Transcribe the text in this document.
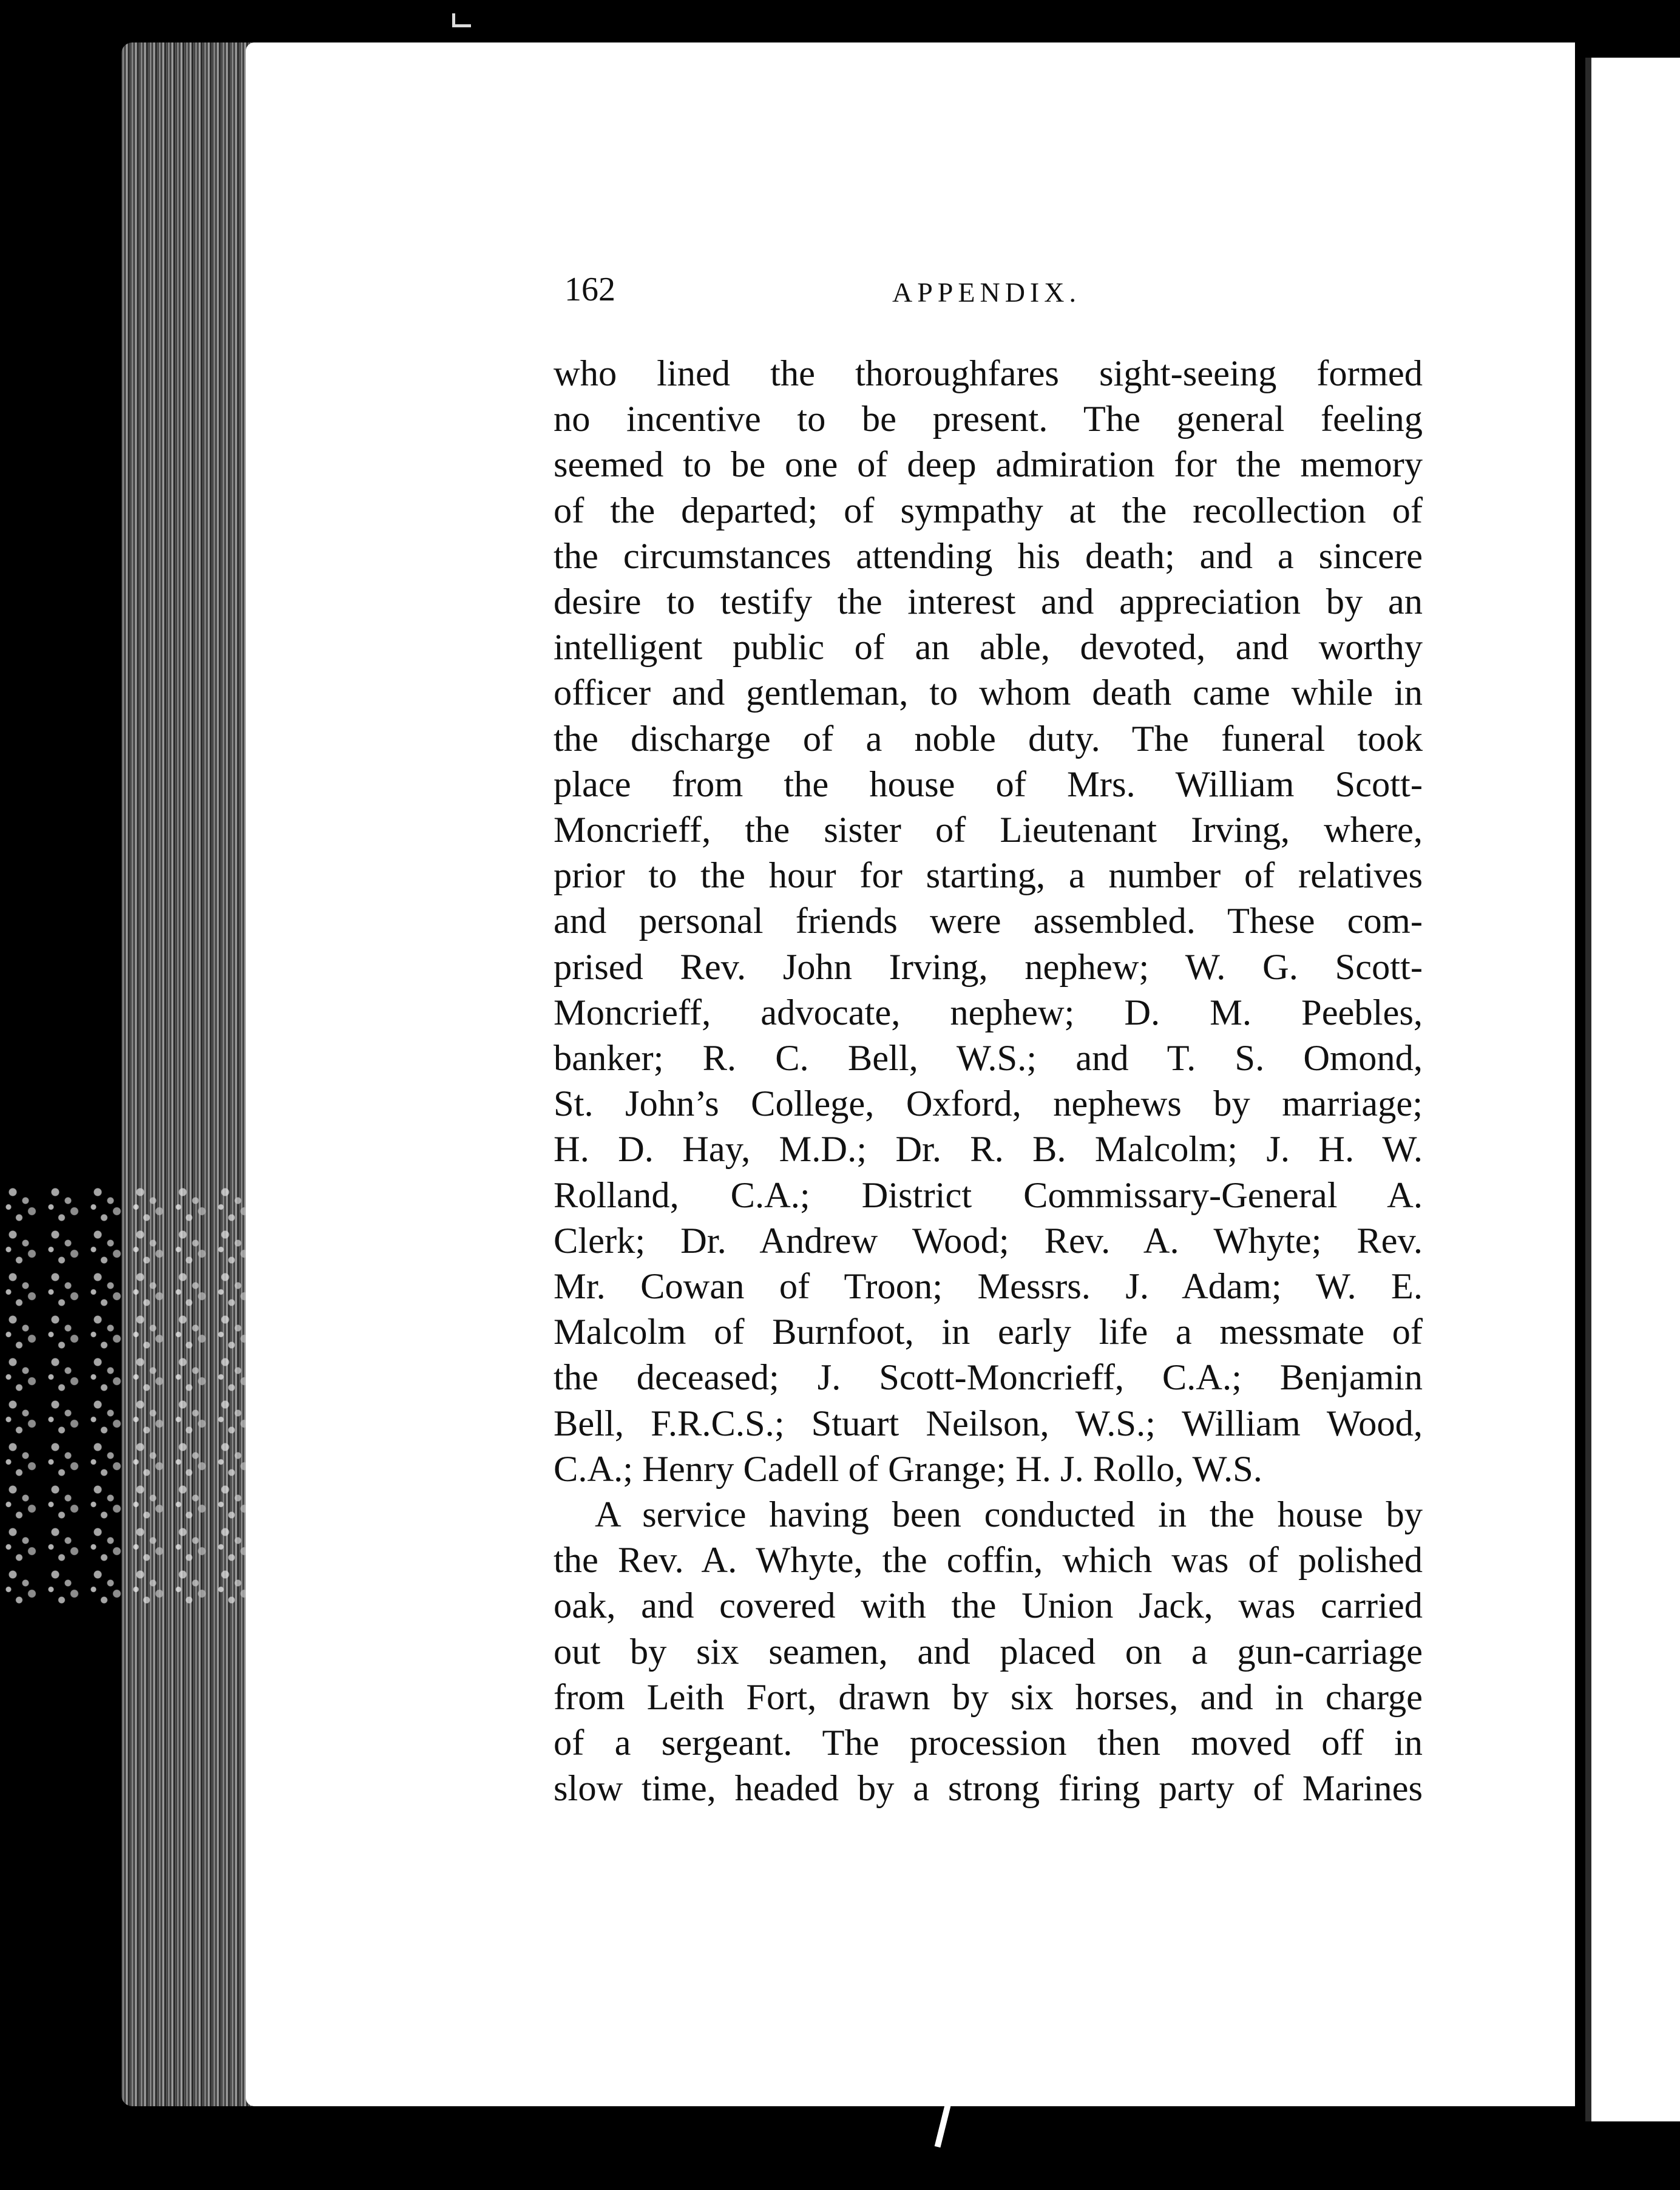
162	APPENDIX.

who lined the thoroughfares sight-seeing formed
no incentive to be present. The general feeling
seemed to be one of deep admiration for the memory
of the departed; of sympathy at the recollection of
the circumstances attending his death; and a sincere
desire to testify the interest and appreciation by an
intelligent public of an able, devoted, and worthy
officer and gentleman, to whom death came while in
the discharge of a noble duty. The funeral took
place from the house of Mrs. William Scott-
Moncrieff, the sister of Lieutenant Irving, where,
prior to the hour for starting, a number of relatives
and personal friends were assembled. These com-
prised Rev. John Irving, nephew; W. G. Scott-
Moncrieff, advocate, nephew; D. M. Peebles,
banker; R. C. Bell, W.S.; and T. S. Omond,
St. John’s College, Oxford, nephews by marriage;
H. D. Hay, M.D.; Dr. R. B. Malcolm; J. H. W.
Rolland, C.A.; District Commissary-General A.
Clerk; Dr. Andrew Wood; Rev. A. Whyte; Rev.
Mr. Cowan of Troon; Messrs. J. Adam; W. E.
Malcolm of Burnfoot, in early life a messmate of
the deceased; J. Scott-Moncrieff, C.A.; Benjamin
Bell, F.R.C.S.; Stuart Neilson, W.S.; William Wood,
C.A.; Henry Cadell of Grange; H. J. Rollo, W.S.

A service having been conducted in the house by
the Rev. A. Whyte, the coffin, which was of polished
oak, and covered with the Union Jack, was carried
out by six seamen, and placed on a gun-carriage
from Leith Fort, drawn by six horses, and in charge
of a sergeant. The procession then moved off in
slow time, headed by a strong firing party of Marines
